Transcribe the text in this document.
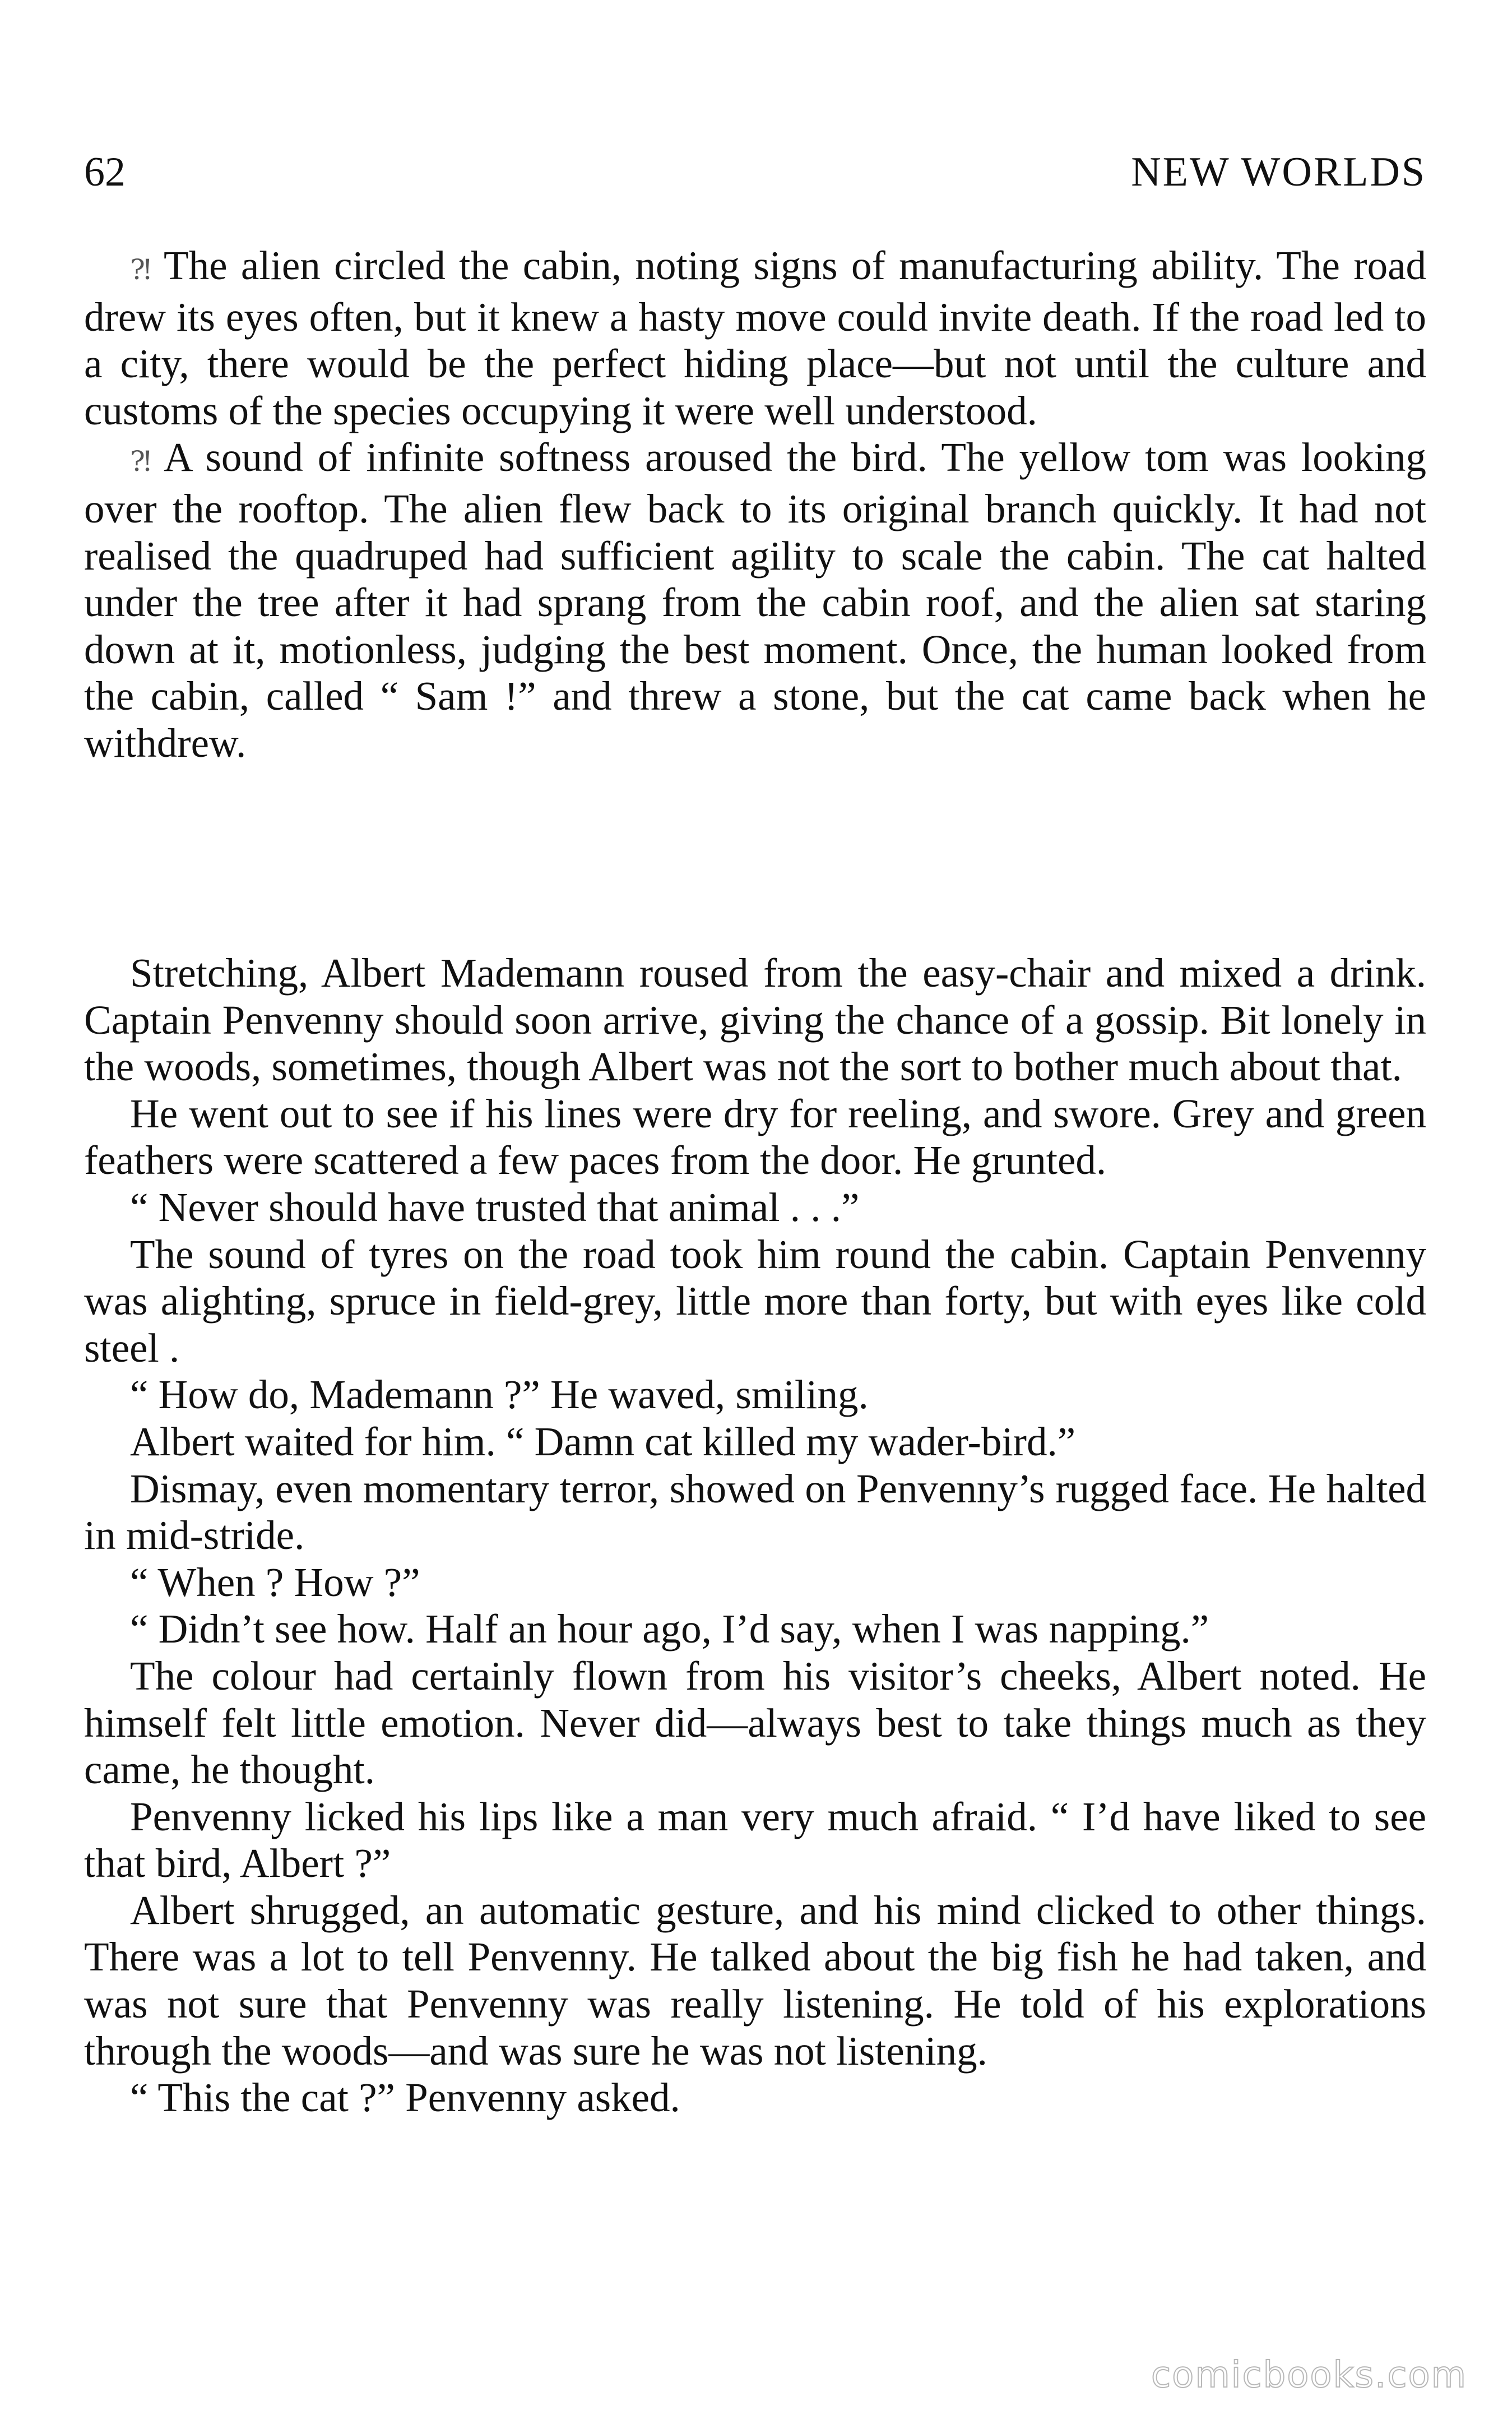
62	NEW WORLDS

⁈ The alien circled the cabin, noting signs of manufacturing ability. The road drew its eyes often, but it knew a hasty move could invite death. If the road led to a city, there would be the perfect hiding place—but not until the culture and customs of the species occupying it were well understood.

⁈ A sound of infinite softness aroused the bird. The yellow tom was looking over the rooftop. The alien flew back to its original branch quickly. It had not realised the quadruped had sufficient agility to scale the cabin. The cat halted under the tree after it had sprang from the cabin roof, and the alien sat staring down at it, motionless, judging the best moment. Once, the human looked from the cabin, called “ Sam !” and threw a stone, but the cat came back when he withdrew.

Stretching, Albert Mademann roused from the easy-chair and mixed a drink. Captain Penvenny should soon arrive, giving the chance of a gossip. Bit lonely in the woods, sometimes, though Albert was not the sort to bother much about that.

He went out to see if his lines were dry for reeling, and swore. Grey and green feathers were scattered a few paces from the door. He grunted.

“ Never should have trusted that animal . . .”

The sound of tyres on the road took him round the cabin. Captain Penvenny was alighting, spruce in field-grey, little more than forty, but with eyes like cold steel .

“ How do, Mademann ?” He waved, smiling.

Albert waited for him. “ Damn cat killed my wader-bird.”

Dismay, even momentary terror, showed on Penvenny’s rugged face. He halted in mid-stride.

“ When ? How ?”

“ Didn’t see how. Half an hour ago, I’d say, when I was napping.”

The colour had certainly flown from his visitor’s cheeks, Albert noted. He himself felt little emotion. Never did—always best to take things much as they came, he thought.

Penvenny licked his lips like a man very much afraid. “ I’d have liked to see that bird, Albert ?”

Albert shrugged, an automatic gesture, and his mind clicked to other things. There was a lot to tell Penvenny. He talked about the big fish he had taken, and was not sure that Penvenny was really listening. He told of his explorations through the woods—and was sure he was not listening.

“ This the cat ?” Penvenny asked.

comicbooks.com
